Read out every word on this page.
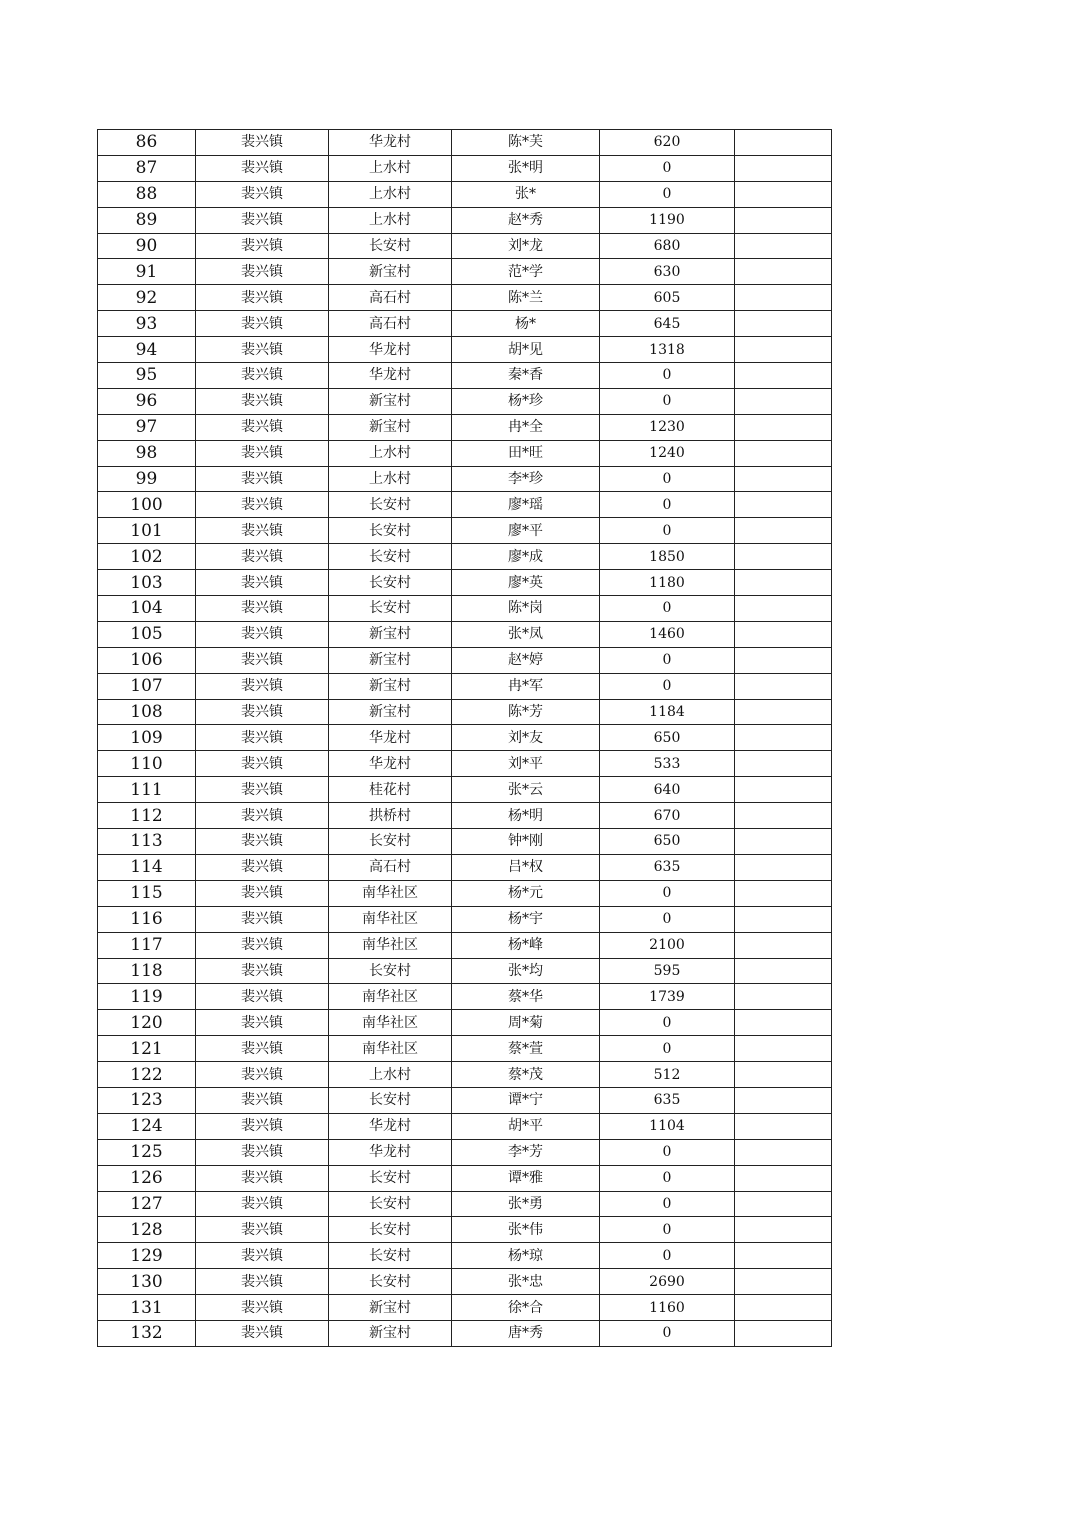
86	裴兴镇	华龙村	陈*芙	620	
87	裴兴镇	上水村	张*明	0	
88	裴兴镇	上水村	张*	0	
89	裴兴镇	上水村	赵*秀	1190	
90	裴兴镇	长安村	刘*龙	680	
91	裴兴镇	新宝村	范*学	630	
92	裴兴镇	高石村	陈*兰	605	
93	裴兴镇	高石村	杨*	645	
94	裴兴镇	华龙村	胡*见	1318	
95	裴兴镇	华龙村	秦*香	0	
96	裴兴镇	新宝村	杨*珍	0	
97	裴兴镇	新宝村	冉*全	1230	
98	裴兴镇	上水村	田*旺	1240	
99	裴兴镇	上水村	李*珍	0	
100	裴兴镇	长安村	廖*瑶	0	
101	裴兴镇	长安村	廖*平	0	
102	裴兴镇	长安村	廖*成	1850	
103	裴兴镇	长安村	廖*英	1180	
104	裴兴镇	长安村	陈*岗	0	
105	裴兴镇	新宝村	张*凤	1460	
106	裴兴镇	新宝村	赵*婷	0	
107	裴兴镇	新宝村	冉*军	0	
108	裴兴镇	新宝村	陈*芳	1184	
109	裴兴镇	华龙村	刘*友	650	
110	裴兴镇	华龙村	刘*平	533	
111	裴兴镇	桂花村	张*云	640	
112	裴兴镇	拱桥村	杨*明	670	
113	裴兴镇	长安村	钟*刚	650	
114	裴兴镇	高石村	吕*权	635	
115	裴兴镇	南华社区	杨*元	0	
116	裴兴镇	南华社区	杨*宇	0	
117	裴兴镇	南华社区	杨*峰	2100	
118	裴兴镇	长安村	张*均	595	
119	裴兴镇	南华社区	蔡*华	1739	
120	裴兴镇	南华社区	周*菊	0	
121	裴兴镇	南华社区	蔡*萱	0	
122	裴兴镇	上水村	蔡*茂	512	
123	裴兴镇	长安村	谭*宁	635	
124	裴兴镇	华龙村	胡*平	1104	
125	裴兴镇	华龙村	李*芳	0	
126	裴兴镇	长安村	谭*雅	0	
127	裴兴镇	长安村	张*勇	0	
128	裴兴镇	长安村	张*伟	0	
129	裴兴镇	长安村	杨*琼	0	
130	裴兴镇	长安村	张*忠	2690	
131	裴兴镇	新宝村	徐*合	1160	
132	裴兴镇	新宝村	唐*秀	0	
